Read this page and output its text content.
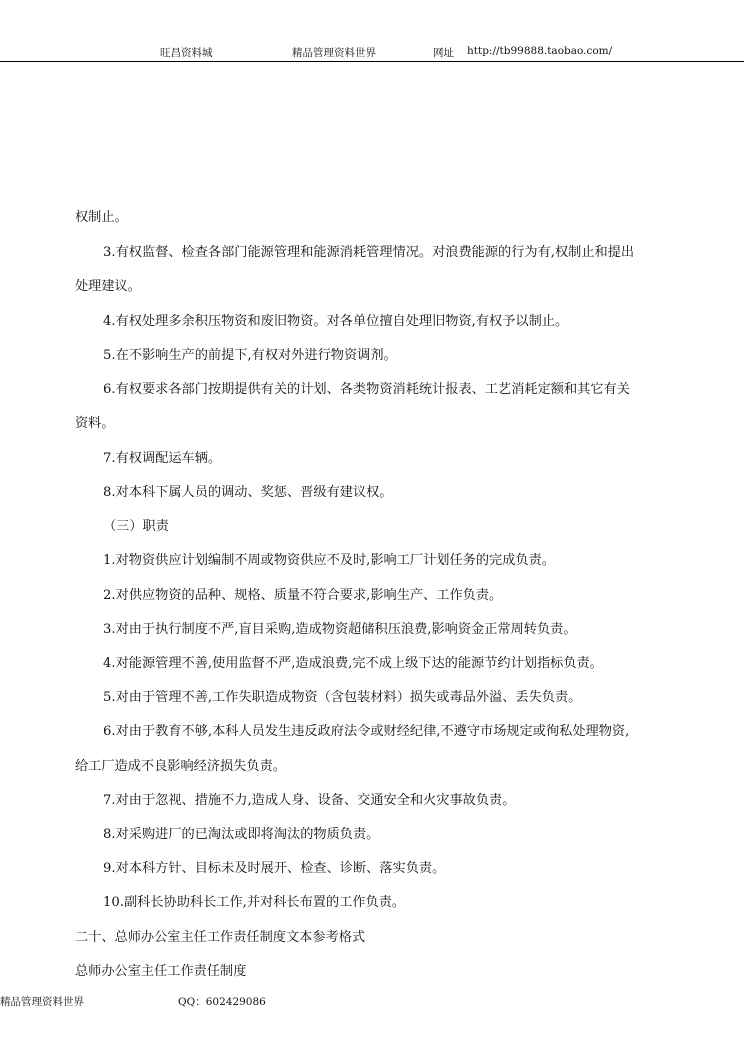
旺昌资料城	精品管理资料世界	网址 http://tb99888.taobao.com/
权制止。
3.有权监督、检查各部门能源管理和能源消耗管理情况。对浪费能源的行为有,权制止和提出
处理建议。
4.有权处理多余积压物资和废旧物资。对各单位擅自处理旧物资,有权予以制止。
5.在不影响生产的前提下,有权对外进行物资调剂。
6.有权要求各部门按期提供有关的计划、各类物资消耗统计报表、工艺消耗定额和其它有关
资料。
7.有权调配运车辆。
8.对本科下属人员的调动、奖惩、晋级有建议权。
（三）职责
1.对物资供应计划编制不周或物资供应不及时,影响工厂计划任务的完成负责。
2.对供应物资的品种、规格、质量不符合要求,影响生产、工作负责。
3.对由于执行制度不严,盲目采购,造成物资超储积压浪费,影响资金正常周转负责。
4.对能源管理不善,使用监督不严,造成浪费,完不成上级下达的能源节约计划指标负责。
5.对由于管理不善,工作失职造成物资（含包装材料）损失或毒品外溢、丢失负责。
6.对由于教育不够,本科人员发生违反政府法令或财经纪律,不遵守市场规定或徇私处理物资,
给工厂造成不良影响经济损失负责。
7.对由于忽视、措施不力,造成人身、设备、交通安全和火灾事故负责。
8.对采购进厂的已淘汰或即将淘汰的物质负责。
9.对本科方针、目标未及时展开、检查、诊断、落实负责。
10.副科长协助科长工作,并对科长布置的工作负责。
二十、总师办公室主任工作责任制度文本参考格式
总师办公室主任工作责任制度
精品管理资料世界	QQ：602429086
